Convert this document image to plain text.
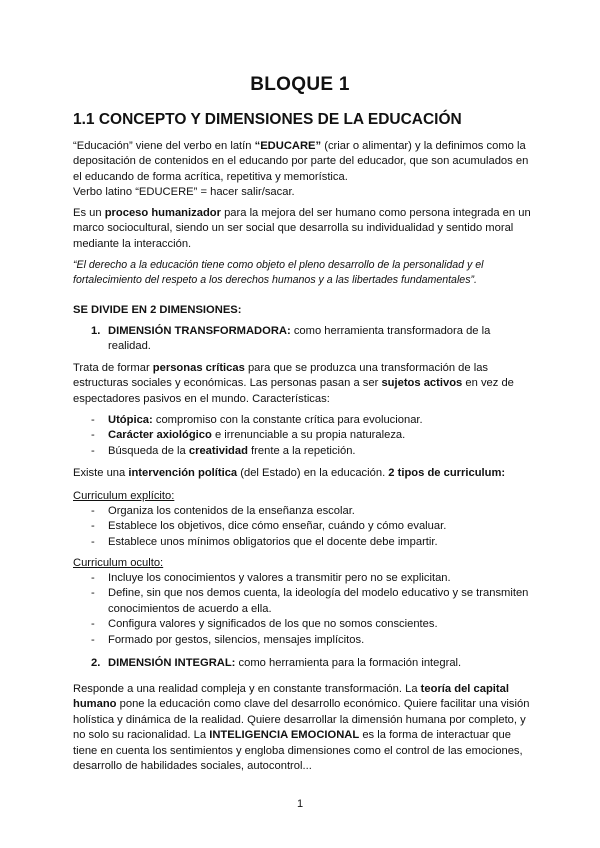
BLOQUE 1
1.1 CONCEPTO Y DIMENSIONES DE LA EDUCACIÓN
“Educación” viene del verbo en latín “EDUCARE” (criar o alimentar) y la definimos como la
depositación de contenidos en el educando por parte del educador, que son acumulados en
el educando de forma acrítica, repetitiva y memorística.
Verbo latino “EDUCERE” = hacer salir/sacar.
Es un proceso humanizador para la mejora del ser humano como persona integrada en un
marco sociocultural, siendo un ser social que desarrolla su individualidad y sentido moral
mediante la interacción.
“El derecho a la educación tiene como objeto el pleno desarrollo de la personalidad y el
fortalecimiento del respeto a los derechos humanos y a las libertades fundamentales”.
SE DIVIDE EN 2 DIMENSIONES:
1. DIMENSIÓN TRANSFORMADORA: como herramienta transformadora de la
realidad.
Trata de formar personas críticas para que se produzca una transformación de las
estructuras sociales y económicas. Las personas pasan a ser sujetos activos en vez de
espectadores pasivos en el mundo. Características:
- Utópica: compromiso con la constante crítica para evolucionar.
- Carácter axiológico e irrenunciable a su propia naturaleza.
- Búsqueda de la creatividad frente a la repetición.
Existe una intervención política (del Estado) en la educación. 2 tipos de curriculum:
Curriculum explícito:
- Organiza los contenidos de la enseñanza escolar.
- Establece los objetivos, dice cómo enseñar, cuándo y cómo evaluar.
- Establece unos mínimos obligatorios que el docente debe impartir.
Curriculum oculto:
- Incluye los conocimientos y valores a transmitir pero no se explicitan.
- Define, sin que nos demos cuenta, la ideología del modelo educativo y se transmiten
conocimientos de acuerdo a ella.
- Configura valores y significados de los que no somos conscientes.
- Formado por gestos, silencios, mensajes implícitos.
2. DIMENSIÓN INTEGRAL: como herramienta para la formación integral.
Responde a una realidad compleja y en constante transformación. La teoría del capital
humano pone la educación como clave del desarrollo económico. Quiere facilitar una visión
holística y dinámica de la realidad. Quiere desarrollar la dimensión humana por completo, y
no solo su racionalidad. La INTELIGENCIA EMOCIONAL es la forma de interactuar que
tiene en cuenta los sentimientos y engloba dimensiones como el control de las emociones,
desarrollo de habilidades sociales, autocontrol...
1
